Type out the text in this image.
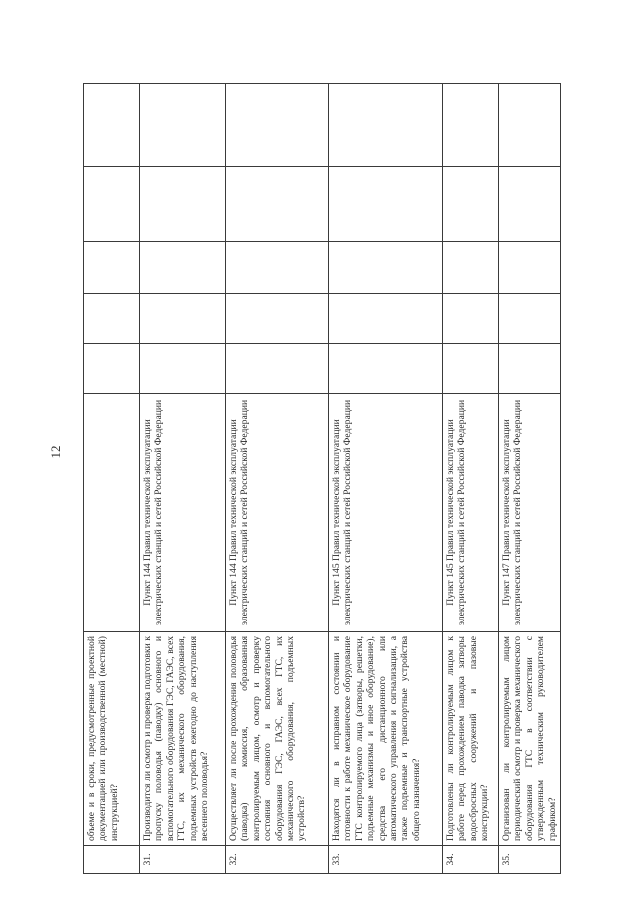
12
	объеме и в сроки, предусмотренные проектной документацией или производственной (местной) инструкцией?						
31.	Производится ли осмотр и проверка подготовки к пропуску половодья (паводку) основного и вспомогательного оборудования ГЭС, ГАЭС, всех ГТС, их механического оборудования, подъемных устройств ежегодно до наступления весеннего половодья?	Пункт 144 Правил технической эксплуатации электрических станций и сетей Российской Федерации					
32.	Осуществляет ли после прохождения половодья (паводка) комиссия, образованная контролируемым лицом, осмотр и проверку состояния основного и вспомогательного оборудования ГЭС, ГАЭС, всех ГТС, их механического оборудования, подъемных устройств?	Пункт 144 Правил технической эксплуатации электрических станций и сетей Российской Федерации					
33.	Находятся ли в исправном состоянии и готовности к работе механическое оборудование ГТС контролируемого лица (затворы, решетки, подъемные механизмы и иное оборудование), средства его дистанционного или автоматического управления и сигнализации, а также подъемные и транспортные устройства общего назначения?	Пункт 145 Правил технической эксплуатации электрических станций и сетей Российской Федерации					
34.	Подготовлены ли контролируемым лицом к работе перед прохождением паводка затворы водосбросных сооружений и пазовые конструкции?	Пункт 145 Правил технической эксплуатации электрических станций и сетей Российской Федерации					
35.	Организован ли контролируемым лицом периодический осмотр и проверка механического оборудования ГТС в соответствии с утвержденным техническим руководителем графиком?	Пункт 147 Правил технической эксплуатации электрических станций и сетей Российской Федерации					
